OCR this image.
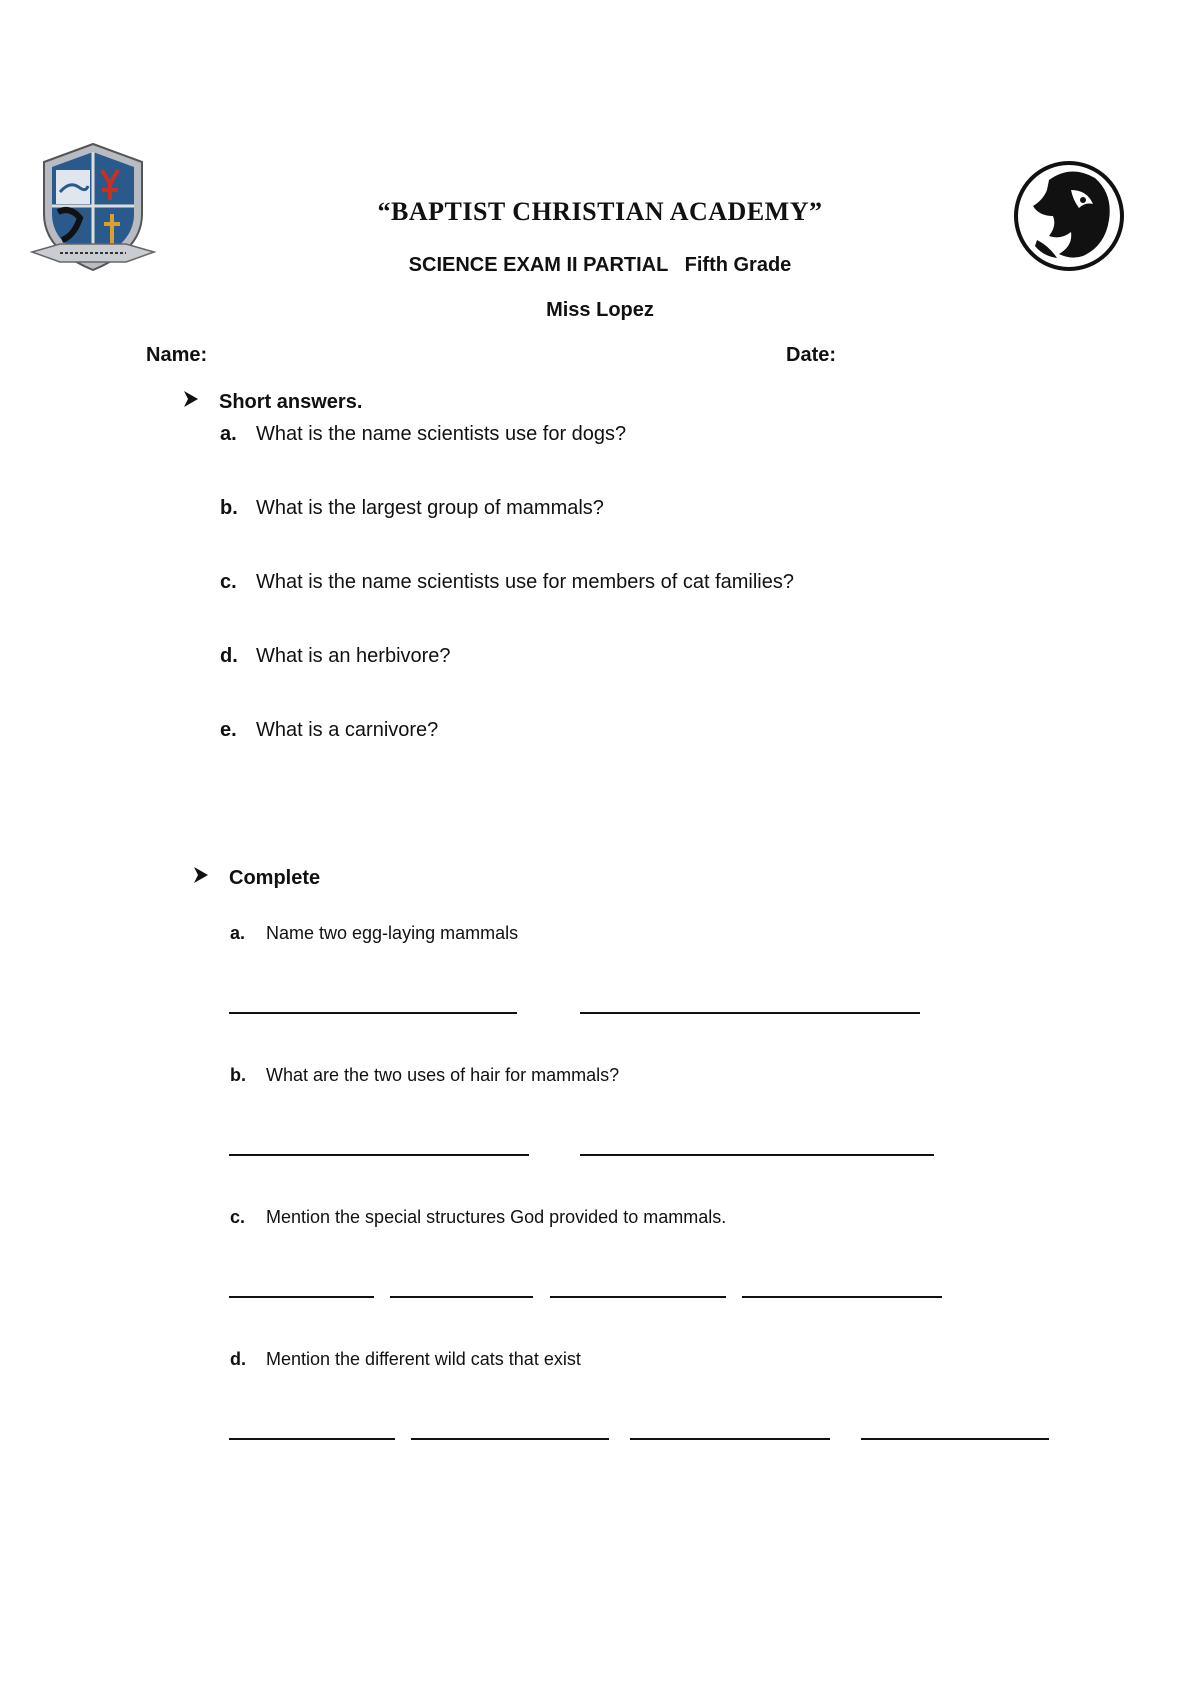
“BAPTIST CHRISTIAN ACADEMY”
SCIENCE EXAM II PARTIAL   Fifth Grade
Miss Lopez
Name:	Date:
Short answers.
a. What is the name scientists use for dogs?
b. What is the largest group of mammals?
c. What is the name scientists use for members of cat families?
d. What is an herbivore?
e. What is a carnivore?
Complete
a.	Name two egg-laying mammals
b.	What are the two uses of hair for mammals?
c.	Mention the special structures God provided to mammals.
d.	Mention the different wild cats that exist
